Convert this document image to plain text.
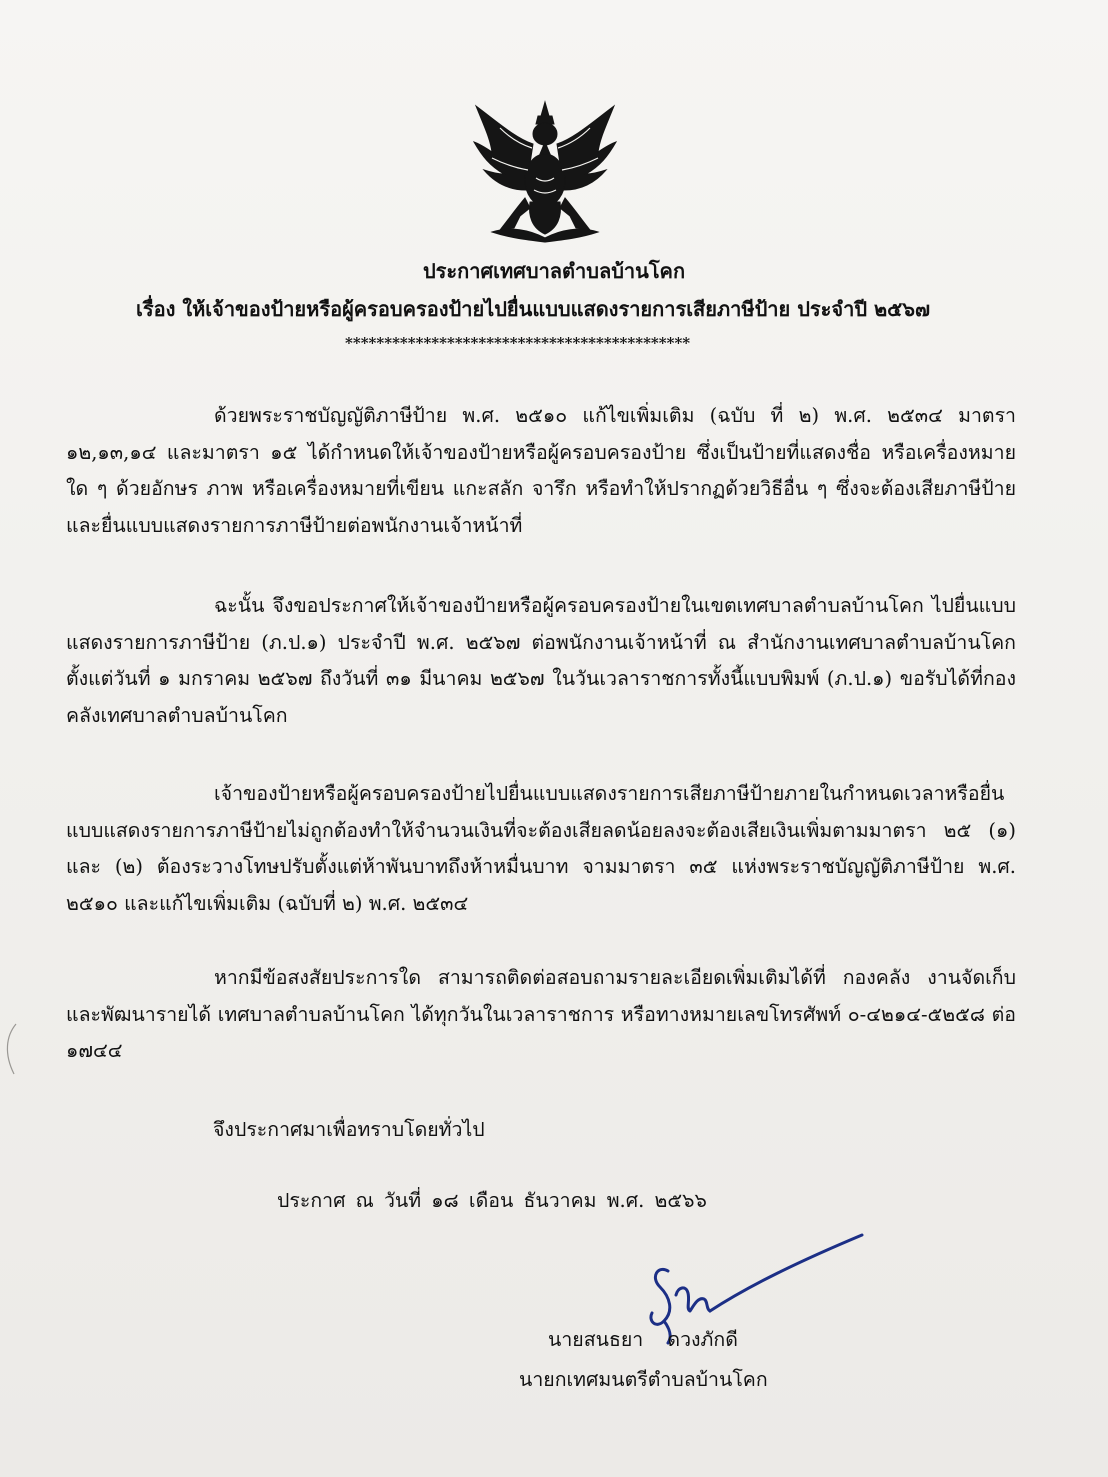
ประกาศเทศบาลตำบลบ้านโคก
เรื่อง ให้เจ้าของป้ายหรือผู้ครอบครองป้ายไปยื่นแบบแสดงรายการเสียภาษีป้าย ประจำปี ๒๕๖๗
********************************************

ด้วยพระราชบัญญัติภาษีป้าย พ.ศ. ๒๕๑๐ แก้ไขเพิ่มเติม (ฉบับ ที่ ๒) พ.ศ. ๒๕๓๔ มาตรา ๑๒,๑๓,๑๔ และมาตรา ๑๕ ได้กำหนดให้เจ้าของป้ายหรือผู้ครอบครองป้าย ซึ่งเป็นป้ายที่แสดงชื่อ หรือเครื่องหมายใด ๆ ด้วยอักษร ภาพ หรือเครื่องหมายที่เขียน แกะสลัก จารึก หรือทำให้ปรากฏด้วยวิธีอื่น ๆ ซึ่งจะต้องเสียภาษีป้าย และยื่นแบบแสดงรายการภาษีป้ายต่อพนักงานเจ้าหน้าที่

ฉะนั้น จึงขอประกาศให้เจ้าของป้ายหรือผู้ครอบครองป้ายในเขตเทศบาลตำบลบ้านโคก ไปยื่นแบบแสดงรายการภาษีป้าย (ภ.ป.๑) ประจำปี พ.ศ. ๒๕๖๗ ต่อพนักงานเจ้าหน้าที่ ณ สำนักงานเทศบาลตำบลบ้านโคก ตั้งแต่วันที่ ๑ มกราคม ๒๕๖๗ ถึงวันที่ ๓๑ มีนาคม ๒๕๖๗ ในวันเวลาราชการทั้งนี้แบบพิมพ์ (ภ.ป.๑) ขอรับได้ที่กองคลังเทศบาลตำบลบ้านโคก

เจ้าของป้ายหรือผู้ครอบครองป้ายไปยื่นแบบแสดงรายการเสียภาษีป้ายภายในกำหนดเวลาหรือยื่นแบบแสดงรายการภาษีป้ายไม่ถูกต้องทำให้จำนวนเงินที่จะต้องเสียลดน้อยลงจะต้องเสียเงินเพิ่มตามมาตรา ๒๕ (๑) และ (๒) ต้องระวางโทษปรับตั้งแต่ห้าพันบาทถึงห้าหมื่นบาท จามมาตรา ๓๕ แห่งพระราชบัญญัติภาษีป้าย พ.ศ. ๒๕๑๐ และแก้ไขเพิ่มเติม (ฉบับที่ ๒) พ.ศ. ๒๕๓๔

หากมีข้อสงสัยประการใด สามารถติดต่อสอบถามรายละเอียดเพิ่มเติมได้ที่ กองคลัง งานจัดเก็บและพัฒนารายได้ เทศบาลตำบลบ้านโคก ได้ทุกวันในเวลาราชการ หรือทางหมายเลขโทรศัพท์ ๐-๔๒๑๔-๕๒๕๘ ต่อ ๑๗๔๔

จึงประกาศมาเพื่อทราบโดยทั่วไป
ประกาศ ณ วันที่ ๑๘ เดือน ธันวาคม พ.ศ. ๒๕๖๖
นายสนธยา ดวงภักดี
นายกเทศมนตรีตำบลบ้านโคก
